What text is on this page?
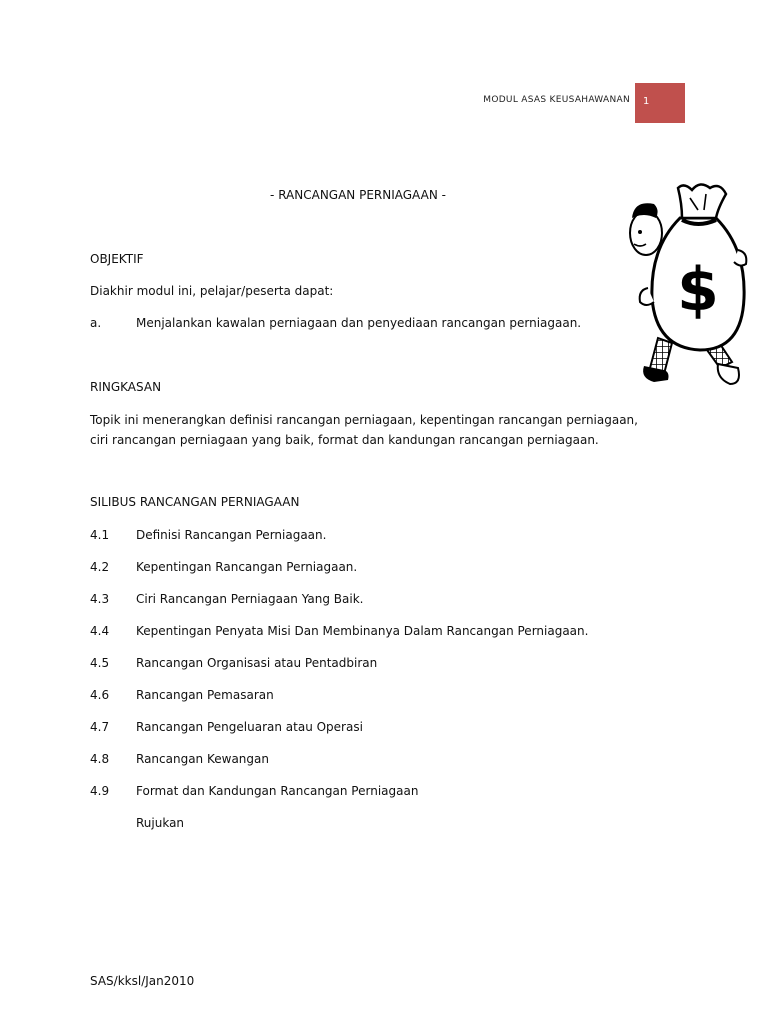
MODUL ASAS KEUSAHAWANAN 1
- RANCANGAN PERNIAGAAN -
OBJEKTIF
Diakhir modul ini, pelajar/peserta dapat:
a.	Menjalankan kawalan perniagaan dan penyediaan rancangan perniagaan.
RINGKASAN
Topik ini menerangkan definisi rancangan perniagaan, kepentingan rancangan perniagaan, ciri rancangan perniagaan yang baik, format dan kandungan rancangan perniagaan.
SILIBUS RANCANGAN PERNIAGAAN
4.1 Definisi Rancangan Perniagaan.
4.2 Kepentingan Rancangan Perniagaan.
4.3 Ciri Rancangan Perniagaan Yang Baik.
4.4 Kepentingan Penyata Misi Dan Membinanya Dalam Rancangan Perniagaan.
4.5 Rancangan Organisasi atau Pentadbiran
4.6 Rancangan Pemasaran
4.7 Rancangan Pengeluaran atau Operasi
4.8 Rancangan Kewangan
4.9 Format dan Kandungan Rancangan Perniagaan
Rujukan
$
SAS/kksl/Jan2010
